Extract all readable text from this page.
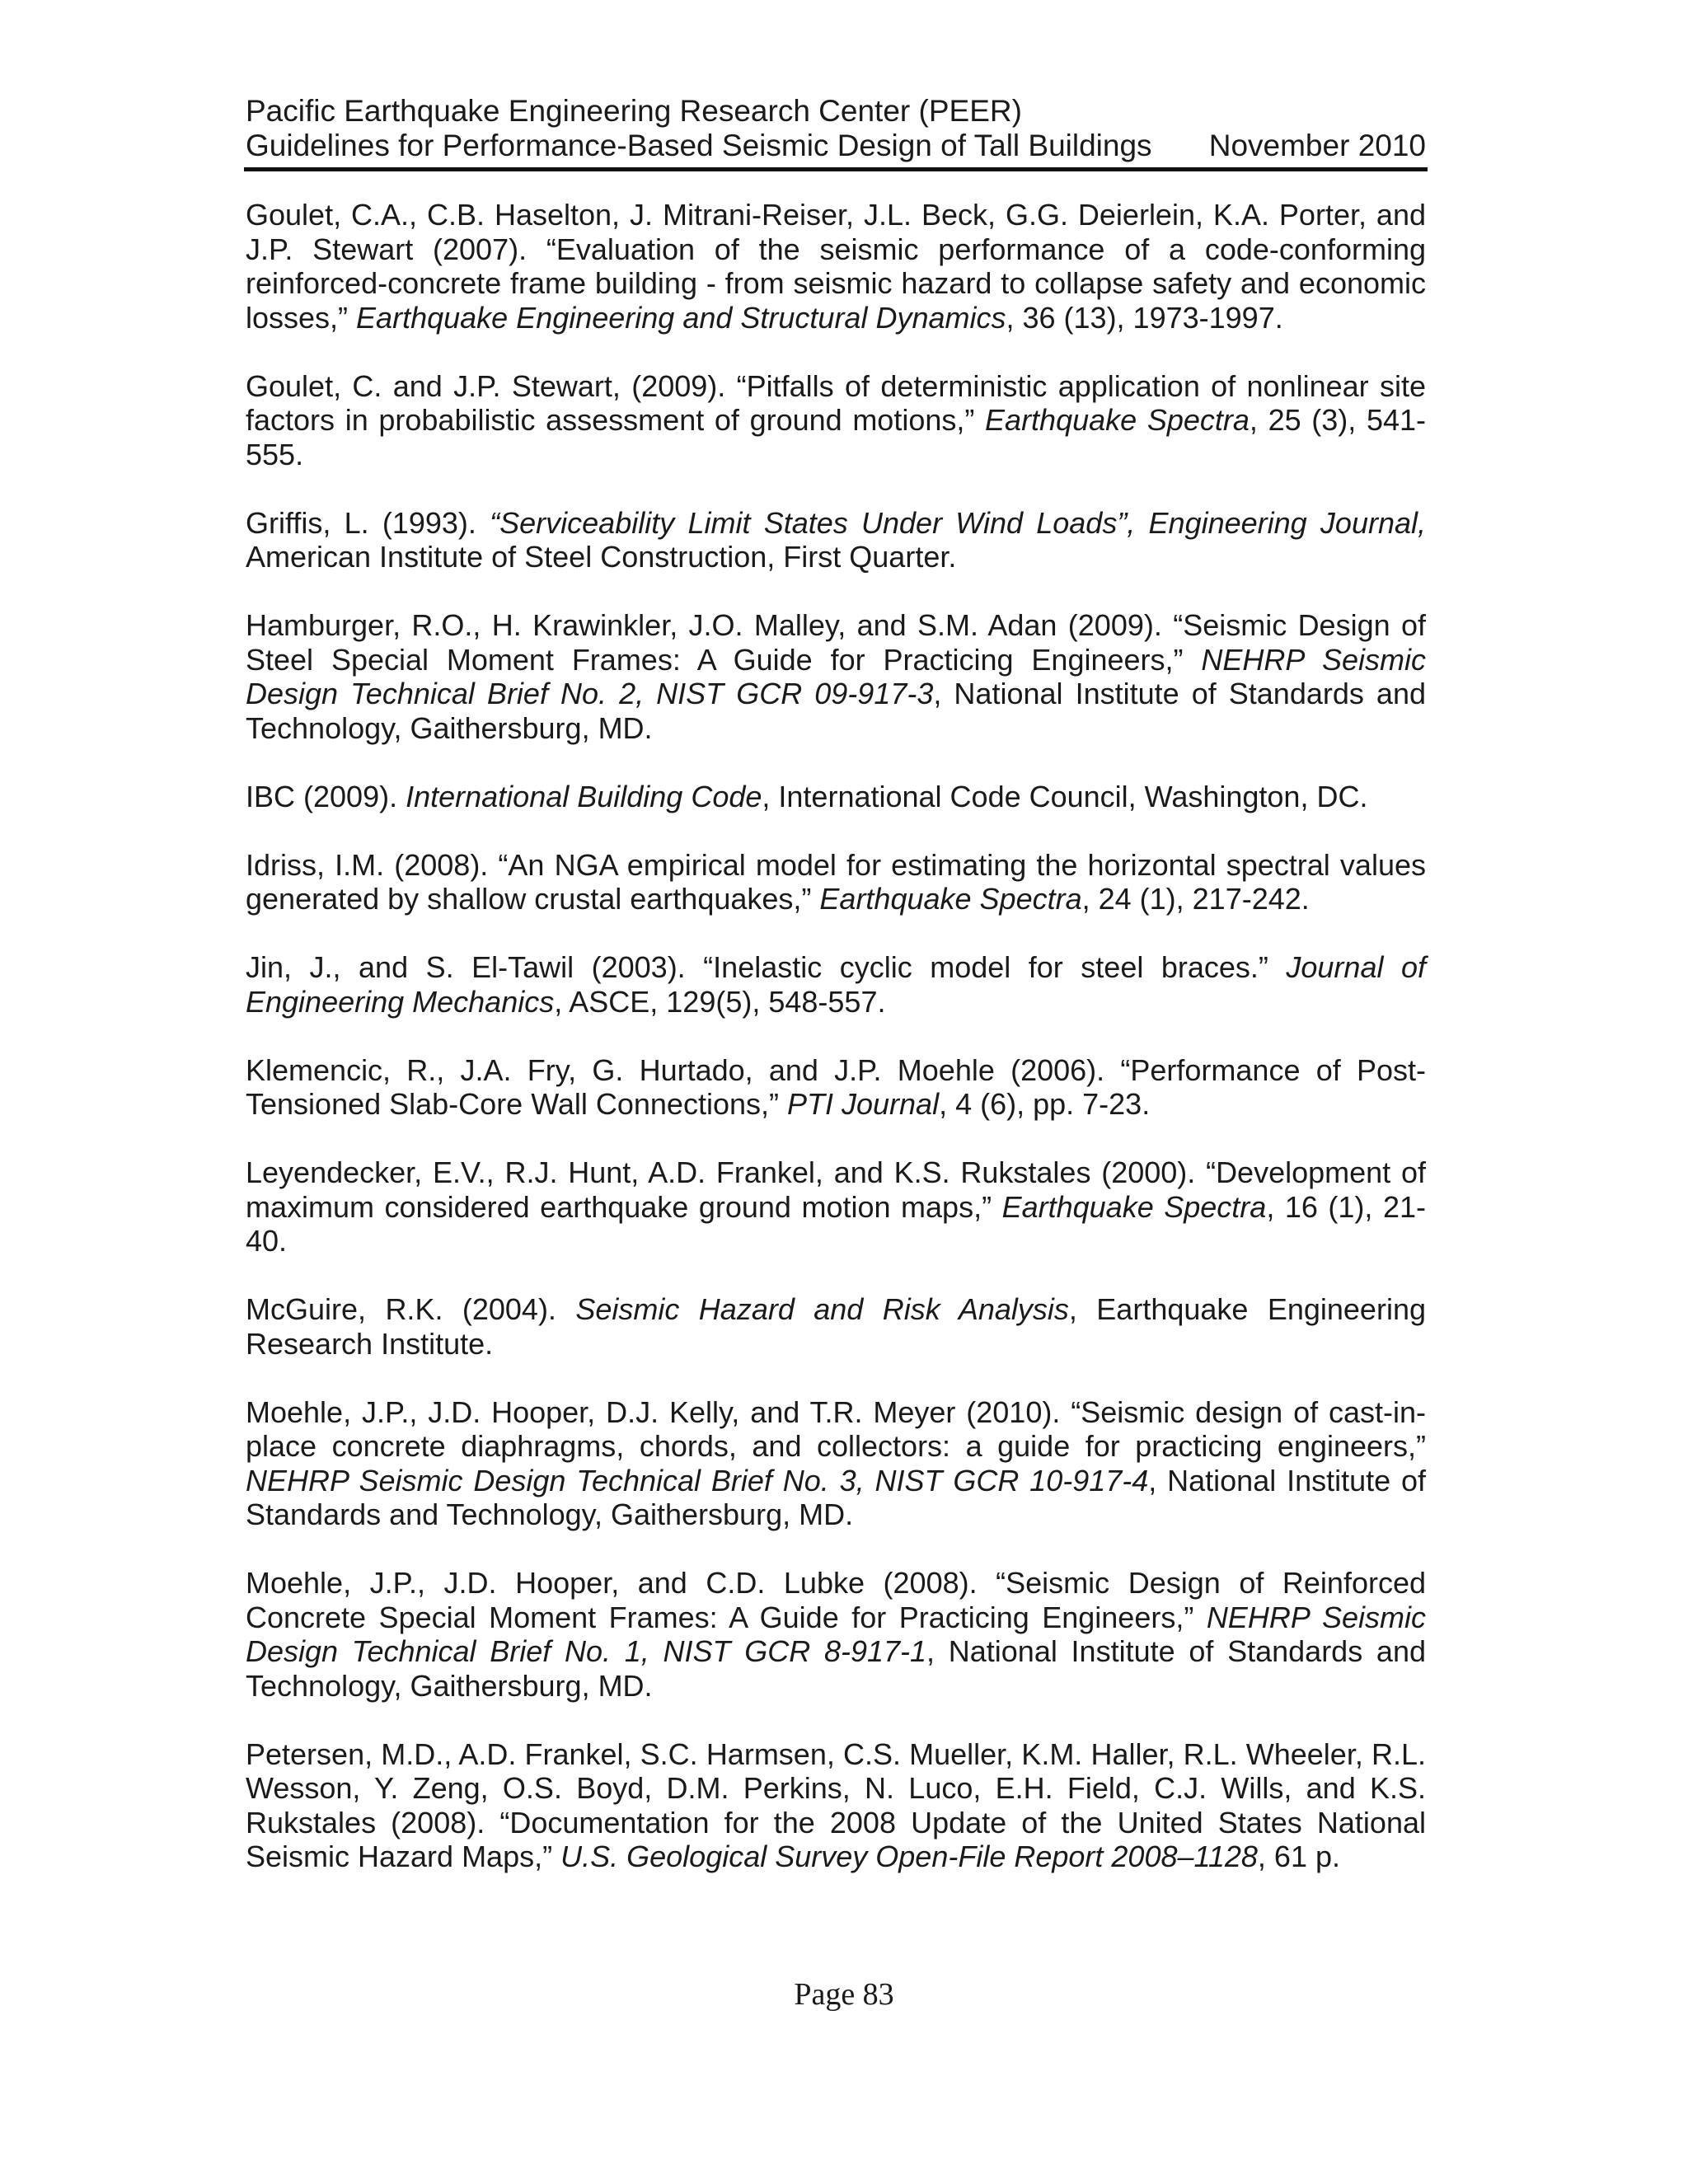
Pacific Earthquake Engineering Research Center (PEER)
Guidelines for Performance-Based Seismic Design of Tall Buildings November 2010

Goulet, C.A., C.B. Haselton, J. Mitrani-Reiser, J.L. Beck, G.G. Deierlein, K.A. Porter, and J.P. Stewart (2007). “Evaluation of the seismic performance of a code-conforming reinforced-concrete frame building - from seismic hazard to collapse safety and economic losses,” Earthquake Engineering and Structural Dynamics, 36 (13), 1973-1997.

Goulet, C. and J.P. Stewart, (2009). “Pitfalls of deterministic application of nonlinear site factors in probabilistic assessment of ground motions,” Earthquake Spectra, 25 (3), 541-555.

Griffis, L. (1993). “Serviceability Limit States Under Wind Loads”, Engineering Journal, American Institute of Steel Construction, First Quarter.

Hamburger, R.O., H. Krawinkler, J.O. Malley, and S.M. Adan (2009). “Seismic Design of Steel Special Moment Frames: A Guide for Practicing Engineers,” NEHRP Seismic Design Technical Brief No. 2, NIST GCR 09-917-3, National Institute of Standards and Technology, Gaithersburg, MD.

IBC (2009). International Building Code, International Code Council, Washington, DC.

Idriss, I.M. (2008). “An NGA empirical model for estimating the horizontal spectral values generated by shallow crustal earthquakes,” Earthquake Spectra, 24 (1), 217-242.

Jin, J., and S. El-Tawil (2003). “Inelastic cyclic model for steel braces.” Journal of Engineering Mechanics, ASCE, 129(5), 548-557.

Klemencic, R., J.A. Fry, G. Hurtado, and J.P. Moehle (2006). “Performance of Post-Tensioned Slab-Core Wall Connections,” PTI Journal, 4 (6), pp. 7-23.

Leyendecker, E.V., R.J. Hunt, A.D. Frankel, and K.S. Rukstales (2000). “Development of maximum considered earthquake ground motion maps,” Earthquake Spectra, 16 (1), 21-40.

McGuire, R.K. (2004). Seismic Hazard and Risk Analysis, Earthquake Engineering Research Institute.

Moehle, J.P., J.D. Hooper, D.J. Kelly, and T.R. Meyer (2010). “Seismic design of cast-in-place concrete diaphragms, chords, and collectors: a guide for practicing engineers,” NEHRP Seismic Design Technical Brief No. 3, NIST GCR 10-917-4, National Institute of Standards and Technology, Gaithersburg, MD.

Moehle, J.P., J.D. Hooper, and C.D. Lubke (2008). “Seismic Design of Reinforced Concrete Special Moment Frames: A Guide for Practicing Engineers,” NEHRP Seismic Design Technical Brief No. 1, NIST GCR 8-917-1, National Institute of Standards and Technology, Gaithersburg, MD.

Petersen, M.D., A.D. Frankel, S.C. Harmsen, C.S. Mueller, K.M. Haller, R.L. Wheeler, R.L. Wesson, Y. Zeng, O.S. Boyd, D.M. Perkins, N. Luco, E.H. Field, C.J. Wills, and K.S. Rukstales (2008). “Documentation for the 2008 Update of the United States National Seismic Hazard Maps,” U.S. Geological Survey Open-File Report 2008–1128, 61 p.

Page 83
